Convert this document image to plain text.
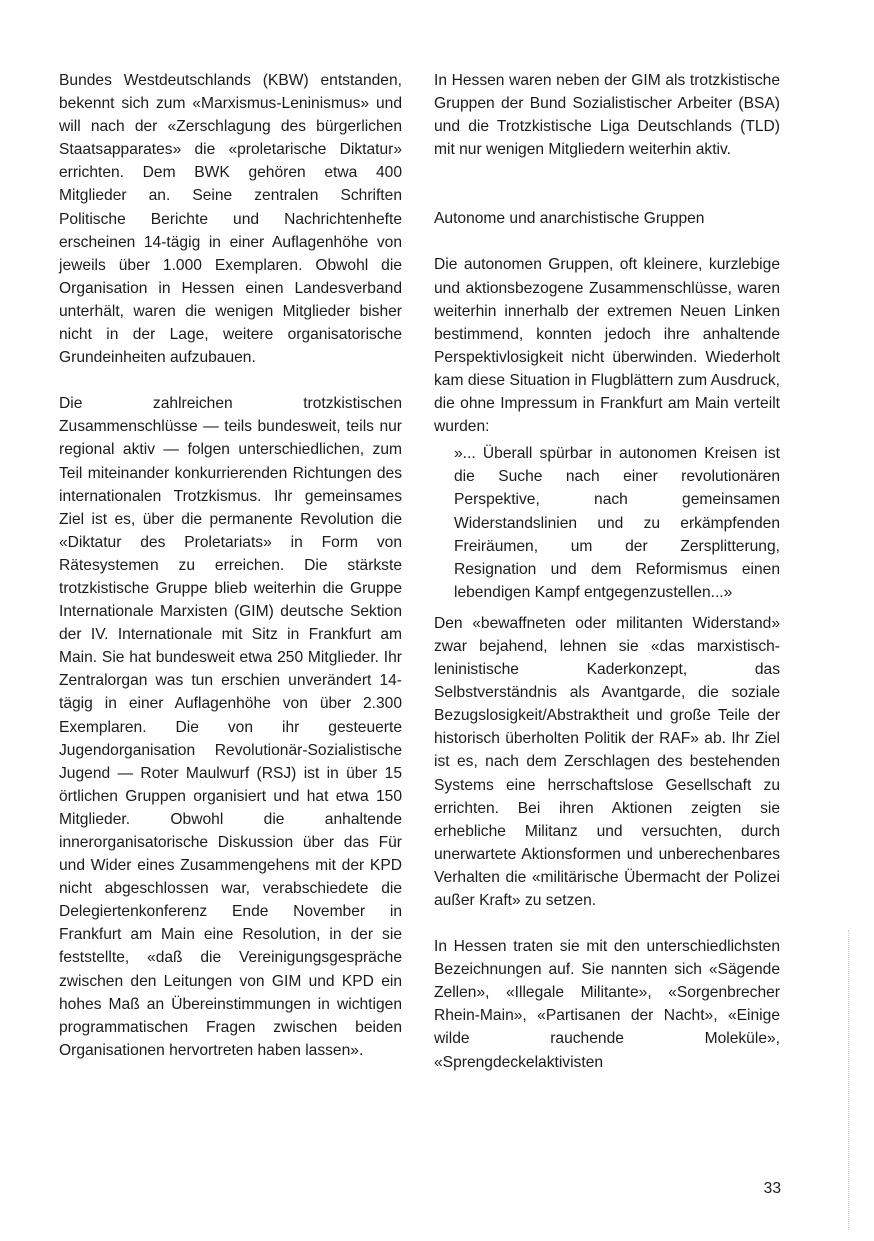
Bundes Westdeutschlands (KBW) entstanden, bekennt sich zum «Marxismus-Leninismus» und will nach der «Zerschlagung des bürgerlichen Staatsapparates» die «proletarische Diktatur» errichten. Dem BWK gehören etwa 400 Mitglieder an. Seine zentralen Schriften Politische Berichte und Nachrichtenhefte erscheinen 14-tägig in einer Auflagenhöhe von jeweils über 1.000 Exemplaren. Obwohl die Organisation in Hessen einen Landesverband unterhält, waren die wenigen Mitglieder bisher nicht in der Lage, weitere organisatorische Grundeinheiten aufzubauen.

Die zahlreichen trotzkistischen Zusammenschlüsse — teils bundesweit, teils nur regional aktiv — folgen unterschiedlichen, zum Teil miteinander konkurrierenden Richtungen des internationalen Trotzkismus. Ihr gemeinsames Ziel ist es, über die permanente Revolution die «Diktatur des Proletariats» in Form von Rätesystemen zu erreichen. Die stärkste trotzkistische Gruppe blieb weiterhin die Gruppe Internationale Marxisten (GIM) deutsche Sektion der IV. Internationale mit Sitz in Frankfurt am Main. Sie hat bundesweit etwa 250 Mitglieder. Ihr Zentralorgan was tun erschien unverändert 14-tägig in einer Auflagenhöhe von über 2.300 Exemplaren. Die von ihr gesteuerte Jugendorganisation Revolutionär-Sozialistische Jugend — Roter Maulwurf (RSJ) ist in über 15 örtlichen Gruppen organisiert und hat etwa 150 Mitglieder. Obwohl die anhaltende innerorganisatorische Diskussion über das Für und Wider eines Zusammengehens mit der KPD nicht abgeschlossen war, verabschiedete die Delegiertenkonferenz Ende November in Frankfurt am Main eine Resolution, in der sie feststellte, «daß die Vereinigungsgespräche zwischen den Leitungen von GIM und KPD ein hohes Maß an Übereinstimmungen in wichtigen programmatischen Fragen zwischen beiden Organisationen hervortreten haben lassen».

In Hessen waren neben der GIM als trotzkistische Gruppen der Bund Sozialistischer Arbeiter (BSA) und die Trotzkistische Liga Deutschlands (TLD) mit nur wenigen Mitgliedern weiterhin aktiv.

Autonome und anarchistische Gruppen

Die autonomen Gruppen, oft kleinere, kurzlebige und aktionsbezogene Zusammenschlüsse, waren weiterhin innerhalb der extremen Neuen Linken bestimmend, konnten jedoch ihre anhaltende Perspektivlosigkeit nicht überwinden. Wiederholt kam diese Situation in Flugblättern zum Ausdruck, die ohne Impressum in Frankfurt am Main verteilt wurden:

»... Überall spürbar in autonomen Kreisen ist die Suche nach einer revolutionären Perspektive, nach gemeinsamen Widerstandslinien und zu erkämpfenden Freiräumen, um der Zersplitterung, Resignation und dem Reformismus einen lebendigen Kampf entgegenzustellen...»

Den «bewaffneten oder militanten Widerstand» zwar bejahend, lehnen sie «das marxistisch-leninistische Kaderkonzept, das Selbstverständnis als Avantgarde, die soziale Bezugslosigkeit/Abstraktheit und große Teile der historisch überholten Politik der RAF» ab. Ihr Ziel ist es, nach dem Zerschlagen des bestehenden Systems eine herrschaftslose Gesellschaft zu errichten. Bei ihren Aktionen zeigten sie erhebliche Militanz und versuchten, durch unerwartete Aktionsformen und unberechenbares Verhalten die «militärische Übermacht der Polizei außer Kraft» zu setzen.

In Hessen traten sie mit den unterschiedlichsten Bezeichnungen auf. Sie nannten sich «Sägende Zellen», «Illegale Militante», «Sorgenbrecher Rhein-Main», «Partisanen der Nacht», «Einige wilde rauchende Moleküle», «Sprengdeckelaktivisten

33
